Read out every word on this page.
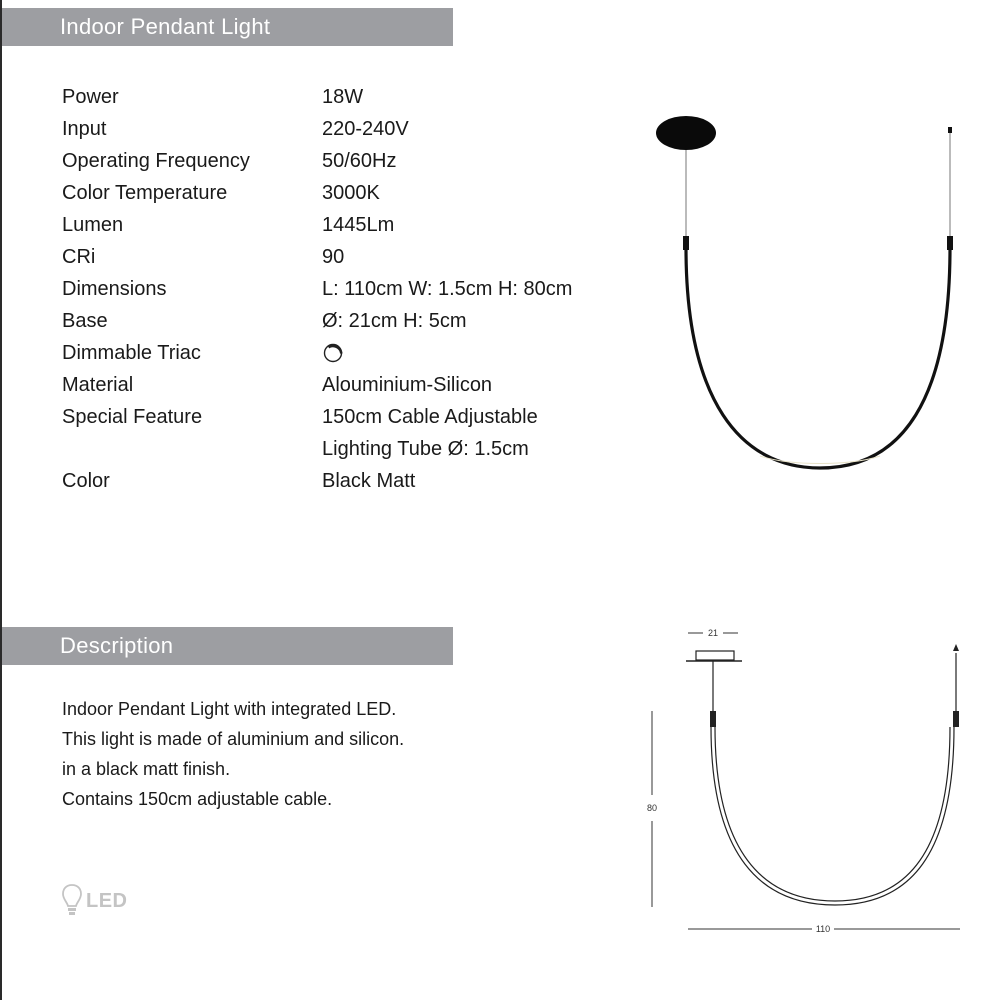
Indoor Pendant Light
Power	18W
Input	220-240V
Operating Frequency	50/60Hz
Color Temperature	3000K
Lumen	1445Lm
CRi	90
Dimensions	L: 110cm W: 1.5cm H: 80cm
Base	Ø: 21cm H: 5cm
Dimmable Triac
Material	Alouminium-Silicon
Special Feature	150cm Cable Adjustable
Lighting Tube Ø: 1.5cm
Color	Black Matt
Description
Indoor Pendant Light with integrated LED.
This light is made of aluminium and silicon.
in a black matt finish.
Contains 150cm adjustable cable.
LED
21
80
110
